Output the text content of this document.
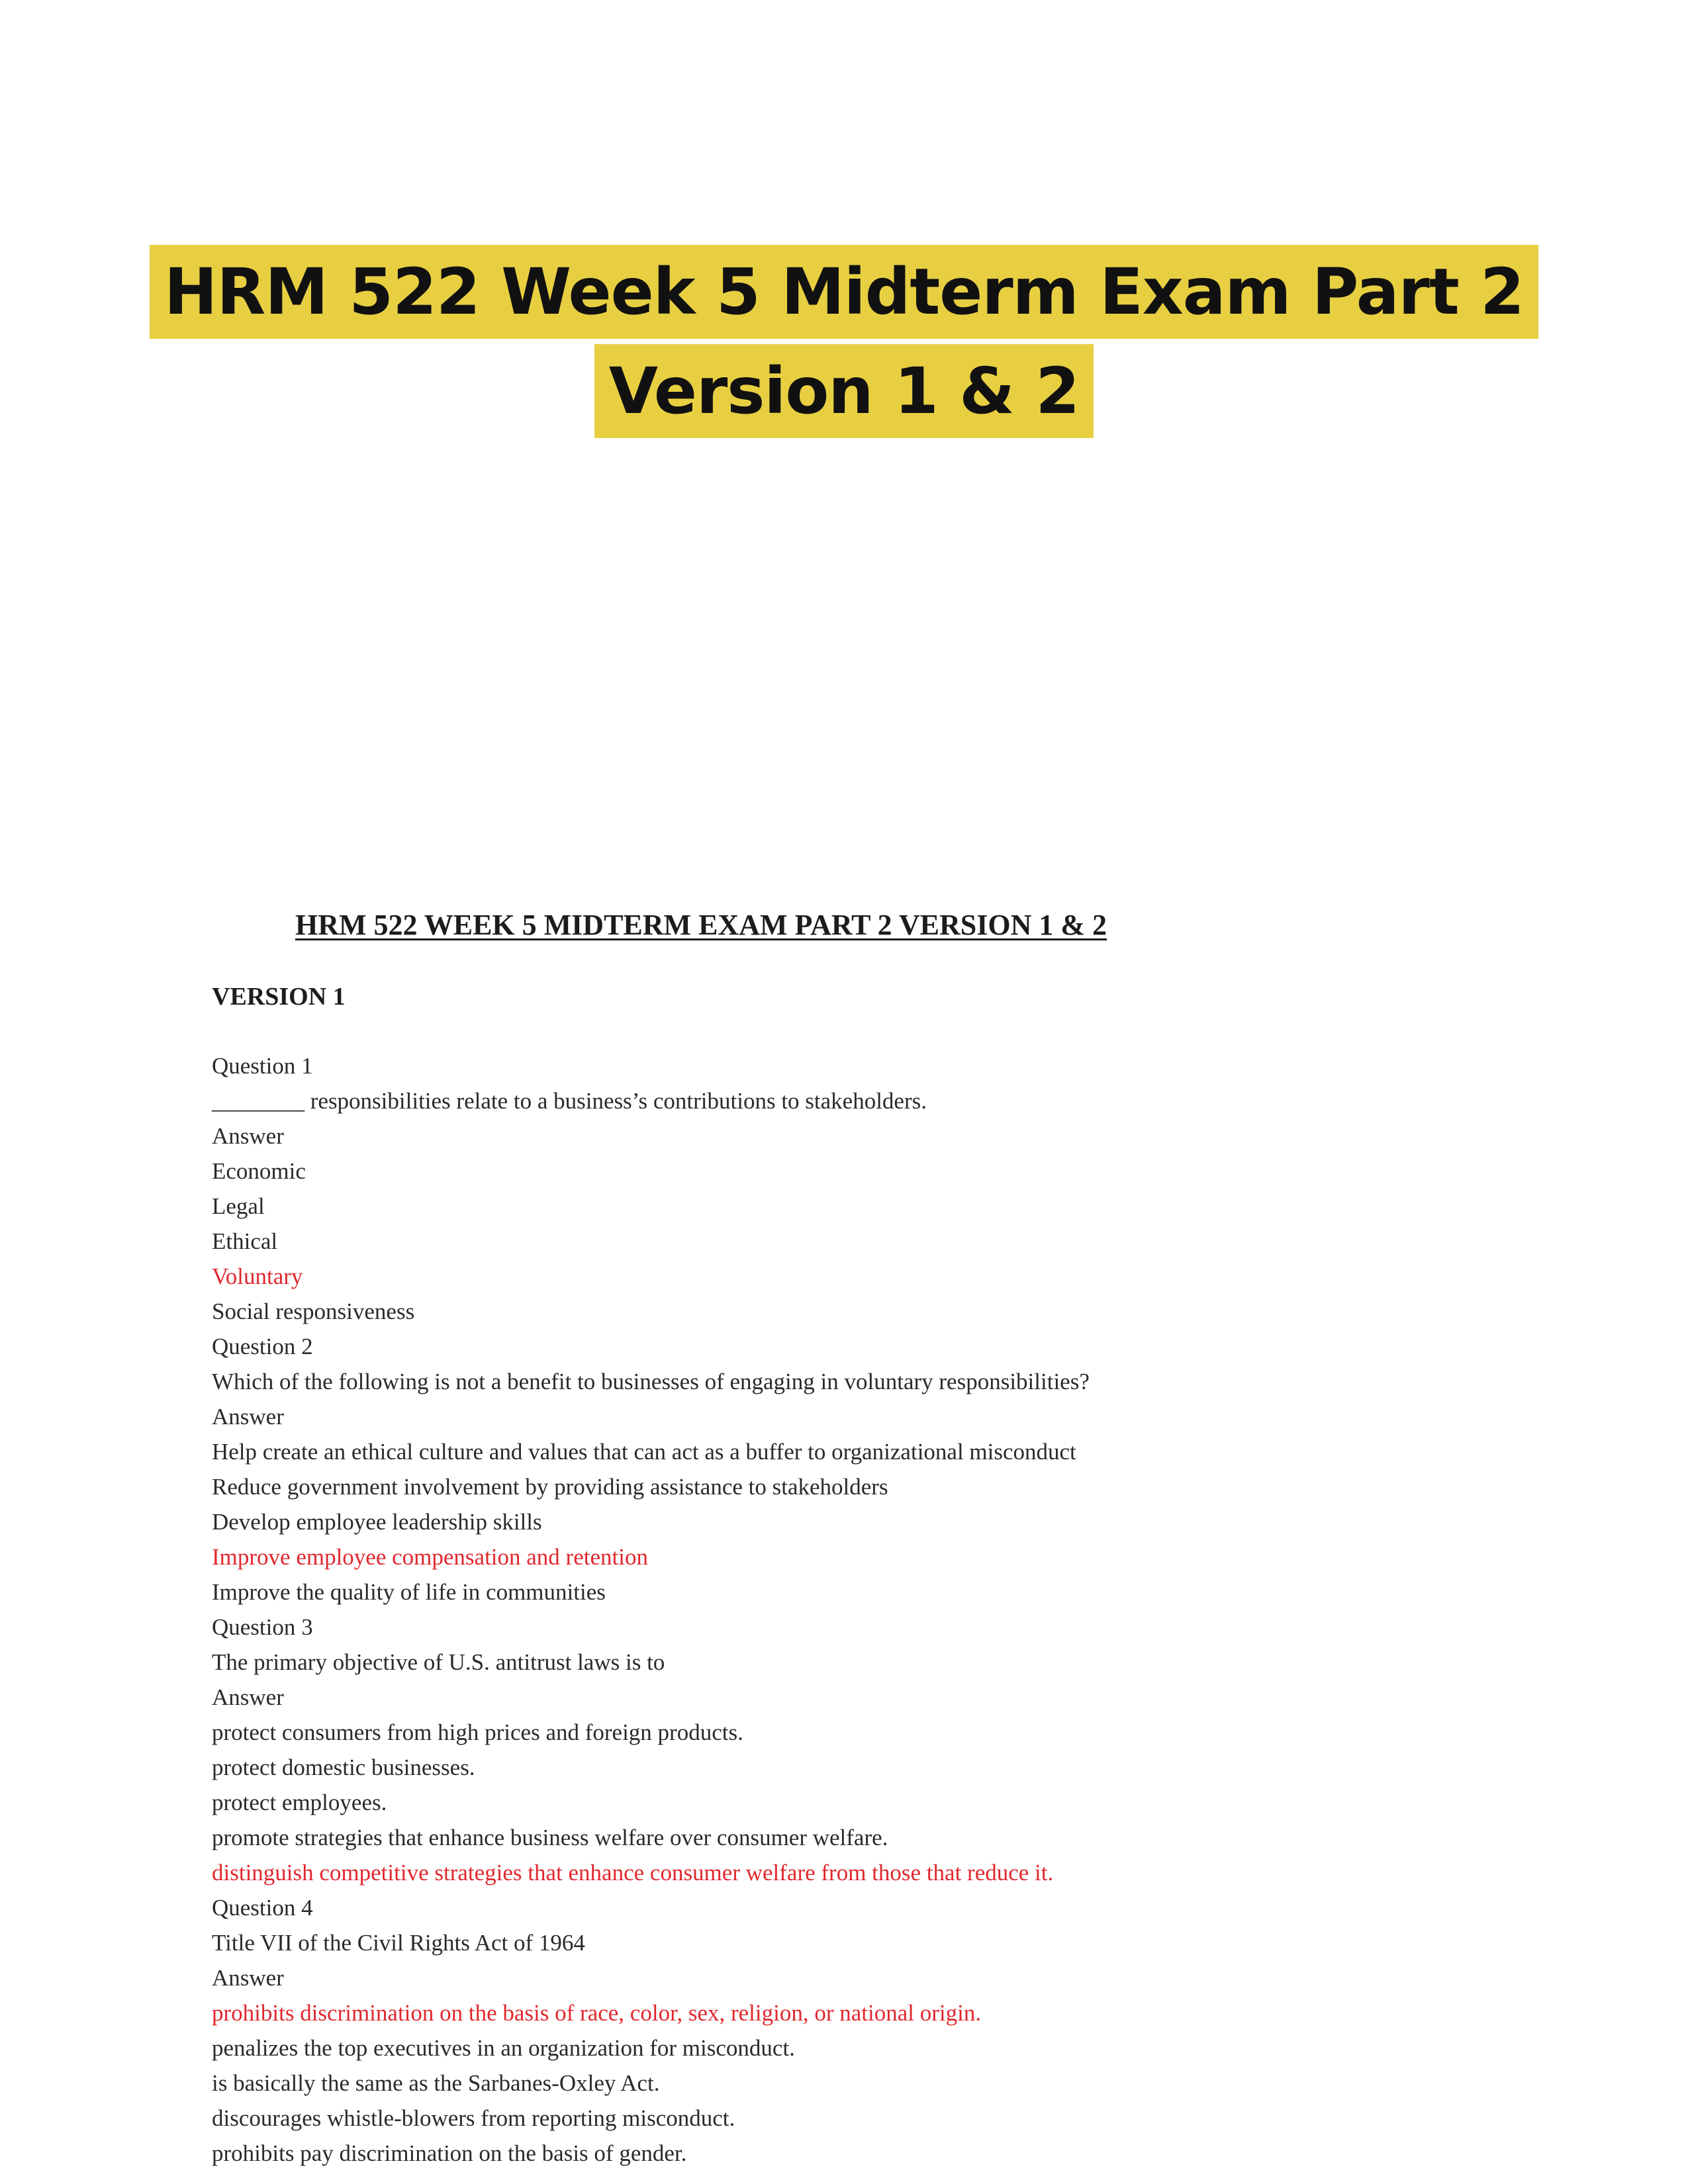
HRM 522 Week 5 Midterm Exam Part 2
Version 1 & 2
HRM 522 WEEK 5 MIDTERM EXAM PART 2 VERSION 1 & 2
VERSION 1
Question 1
________ responsibilities relate to a business’s contributions to stakeholders.
Answer
Economic
Legal
Ethical
Voluntary
Social responsiveness
Question 2
Which of the following is not a benefit to businesses of engaging in voluntary responsibilities?
Answer
Help create an ethical culture and values that can act as a buffer to organizational misconduct
Reduce government involvement by providing assistance to stakeholders
Develop employee leadership skills
Improve employee compensation and retention
Improve the quality of life in communities
Question 3
The primary objective of U.S. antitrust laws is to
Answer
protect consumers from high prices and foreign products.
protect domestic businesses.
protect employees.
promote strategies that enhance business welfare over consumer welfare.
distinguish competitive strategies that enhance consumer welfare from those that reduce it.
Question 4
Title VII of the Civil Rights Act of 1964
Answer
prohibits discrimination on the basis of race, color, sex, religion, or national origin.
penalizes the top executives in an organization for misconduct.
is basically the same as the Sarbanes-Oxley Act.
discourages whistle-blowers from reporting misconduct.
prohibits pay discrimination on the basis of gender.
